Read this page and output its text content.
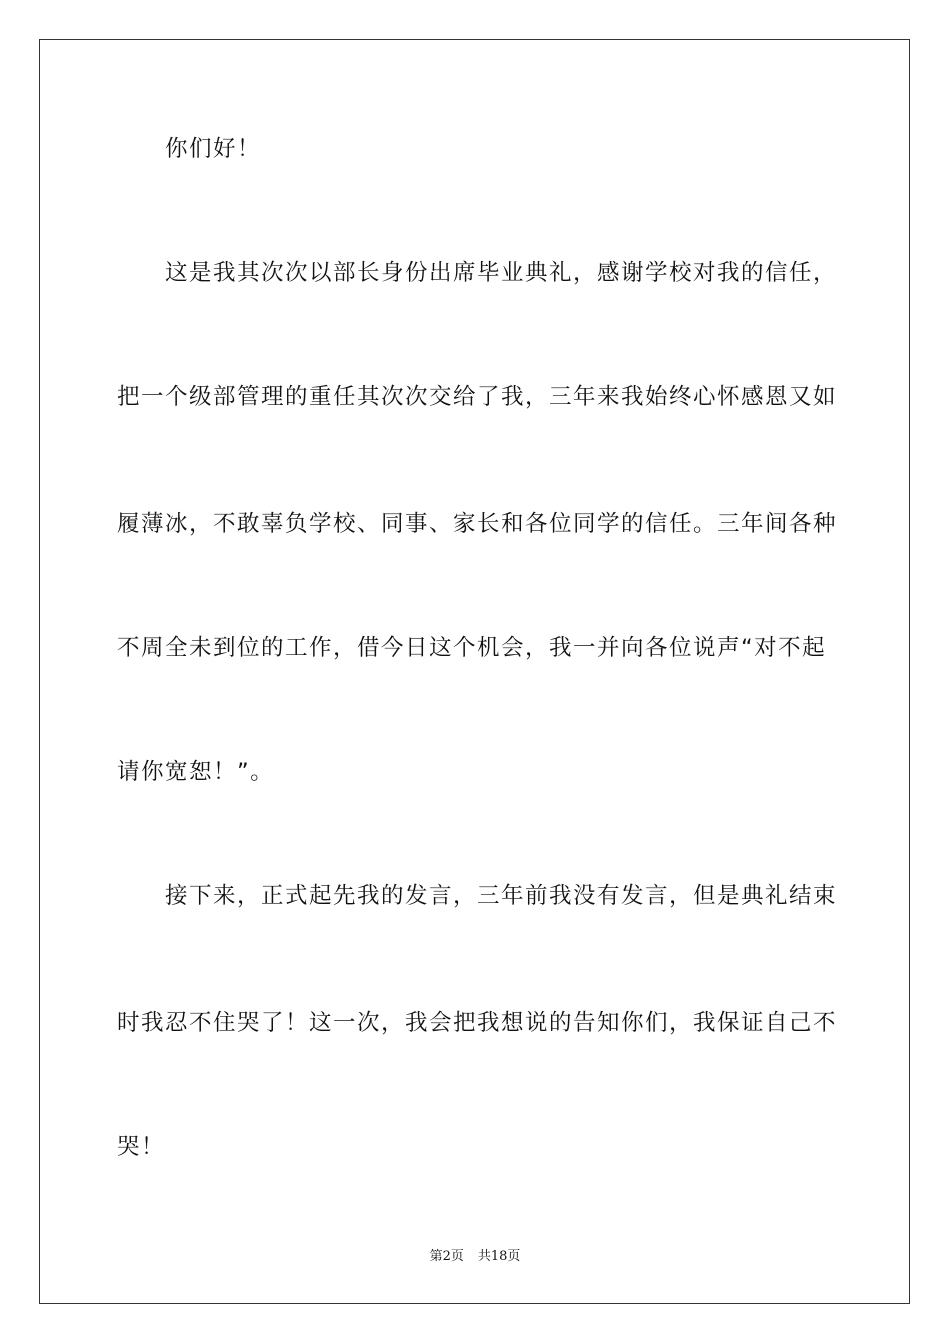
你们好！
这是我其次次以部长身份出席毕业典礼，感谢学校对我的信任，
把一个级部管理的重任其次次交给了我，三年来我始终心怀感恩又如
履薄冰，不敢辜负学校、同事、家长和各位同学的信任。三年间各种
不周全未到位的工作，借今日这个机会，我一并向各位说声“对不起
请你宽恕！”。
接下来，正式起先我的发言，三年前我没有发言，但是典礼结束
时我忍不住哭了！这一次，我会把我想说的告知你们，我保证自己不
哭！
第2页 共18页
